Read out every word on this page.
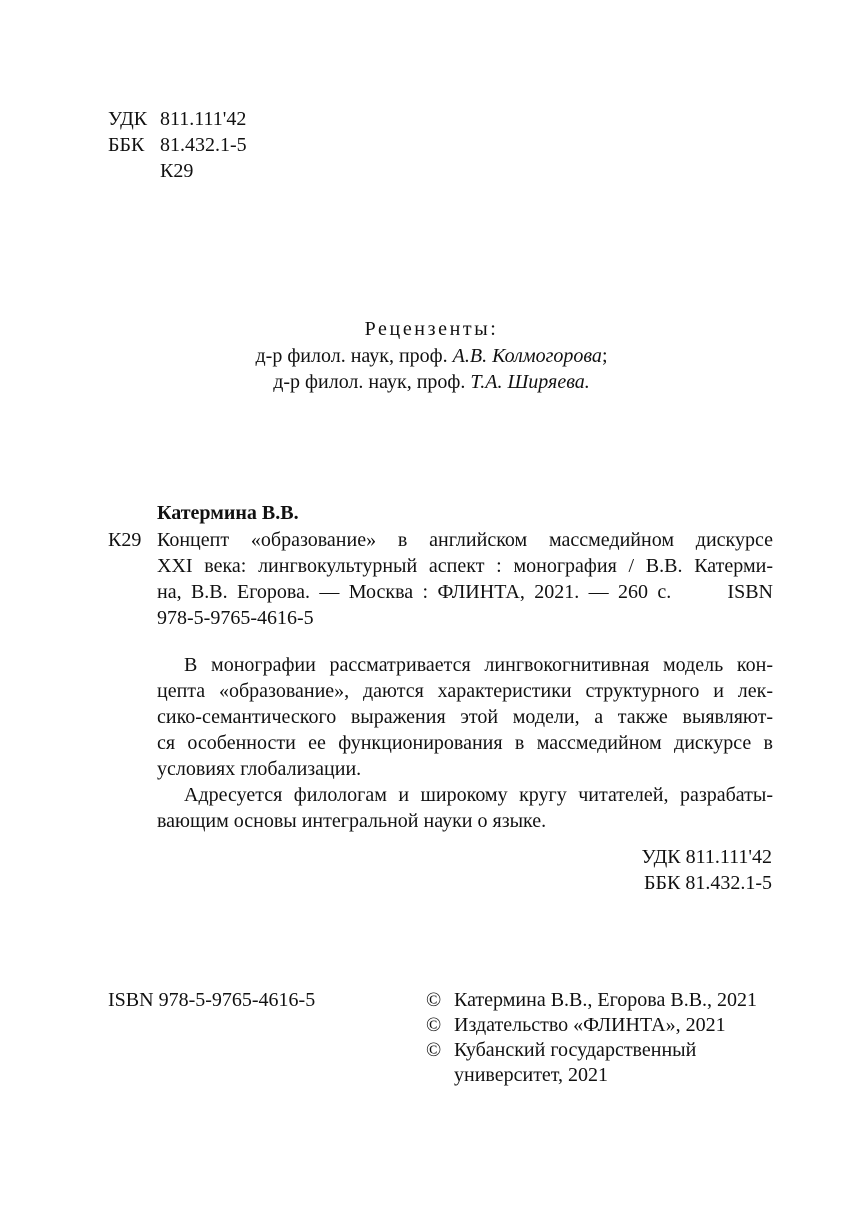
УДК 811.111'42
ББК 81.432.1-5
К29
Рецензенты:
д-р филол. наук, проф. А.В. Колмогорова;
д-р филол. наук, проф. Т.А. Ширяева.
Катермина В.В.
К29 Концепт «образование» в английском массмедийном дискурсе
XXI века: лингвокультурный аспект : монография / В.В. Катерми-
на, В.В. Егорова. — Москва : ФЛИНТА, 2021. — 260 с.      ISBN
978-5-9765-4616-5
В монографии рассматривается лингвокогнитивная модель кон-
цепта «образование», даются характеристики структурного и лек-
сико-семантического выражения этой модели, а также выявляют-
ся особенности ее функционирования в массмедийном дискурсе в
условиях глобализации.
Адресуется филологам и широкому кругу читателей, разрабаты-
вающим основы интегральной науки о языке.
УДК 811.111'42
ББК 81.432.1-5
ISBN 978-5-9765-4616-5	© Катермина В.В., Егорова В.В., 2021
© Издательство «ФЛИНТА», 2021
© Кубанский государственный
университет, 2021
